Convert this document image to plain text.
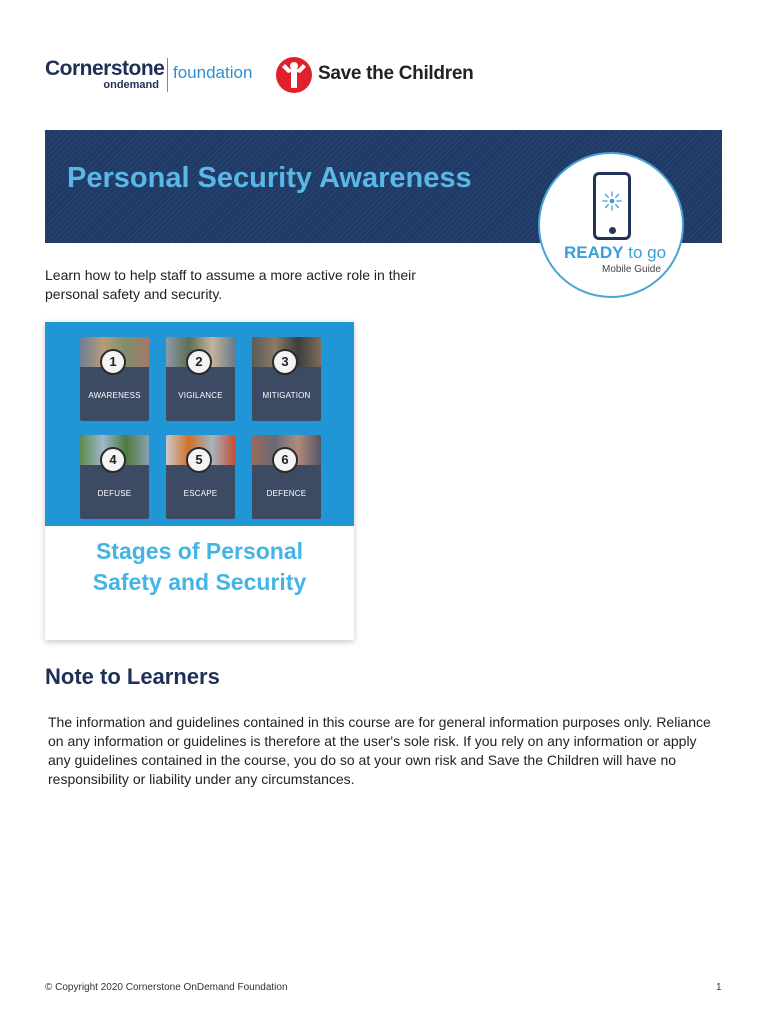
Cornerstone
ondemand
foundation	Save the Children
Personal Security Awareness
READY to go
Mobile Guide
Learn how to help staff to assume a more active role in their personal safety and security.
1
AWARENESS
2
VIGILANCE
3
MITIGATION
4
DEFUSE
5
ESCAPE
6
DEFENCE
Stages of Personal
Safety and Security
Note to Learners
The information and guidelines contained in this course are for general information purposes only. Reliance on any information or guidelines is therefore at the user's sole risk. If you rely on any information or apply any guidelines contained in the course, you do so at your own risk and Save the Children will have no responsibility or liability under any circumstances.
© Copyright 2020 Cornerstone OnDemand Foundation	1
